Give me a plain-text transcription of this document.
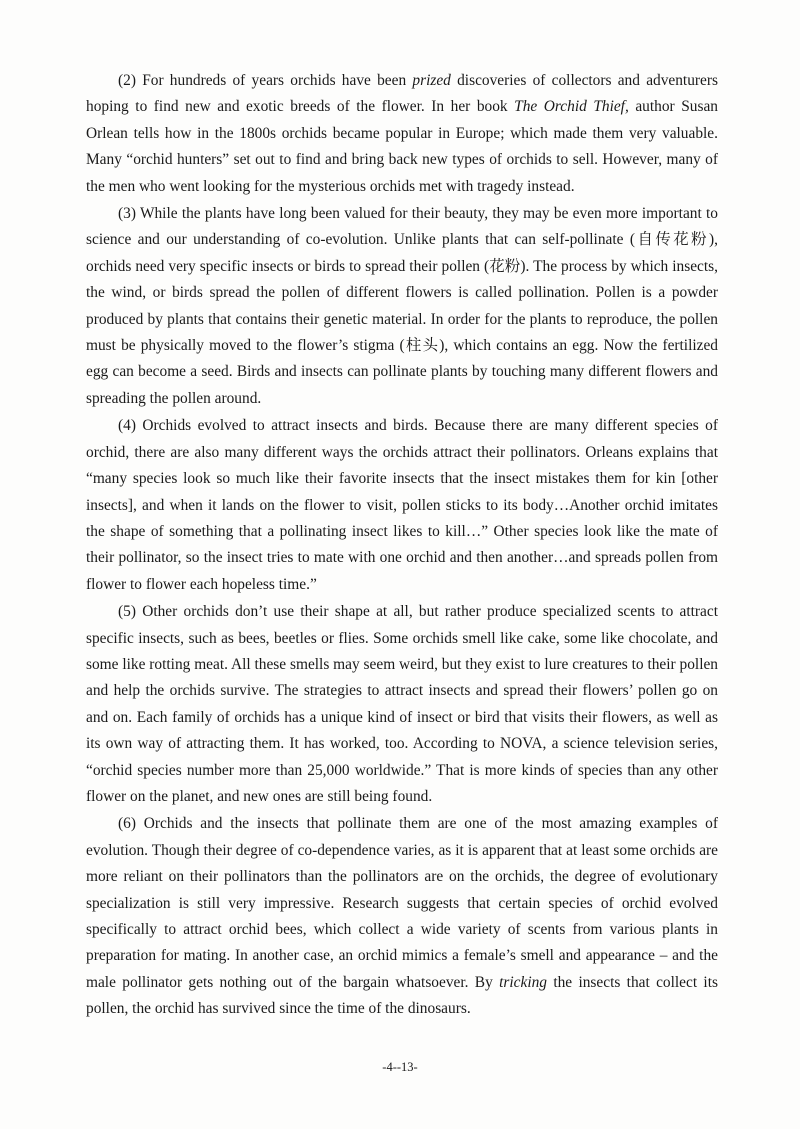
(2) For hundreds of years orchids have been prized discoveries of collectors and adventurers hoping to find new and exotic breeds of the flower. In her book The Orchid Thief, author Susan Orlean tells how in the 1800s orchids became popular in Europe; which made them very valuable. Many “orchid hunters” set out to find and bring back new types of orchids to sell. However, many of the men who went looking for the mysterious orchids met with tragedy instead.

(3) While the plants have long been valued for their beauty, they may be even more important to science and our understanding of co-evolution. Unlike plants that can self-pollinate (自传花粉), orchids need very specific insects or birds to spread their pollen (花粉). The process by which insects, the wind, or birds spread the pollen of different flowers is called pollination. Pollen is a powder produced by plants that contains their genetic material. In order for the plants to reproduce, the pollen must be physically moved to the flower’s stigma (柱头), which contains an egg. Now the fertilized egg can become a seed. Birds and insects can pollinate plants by touching many different flowers and spreading the pollen around.

(4) Orchids evolved to attract insects and birds. Because there are many different species of orchid, there are also many different ways the orchids attract their pollinators. Orleans explains that “many species look so much like their favorite insects that the insect mistakes them for kin [other insects], and when it lands on the flower to visit, pollen sticks to its body…Another orchid imitates the shape of something that a pollinating insect likes to kill…” Other species look like the mate of their pollinator, so the insect tries to mate with one orchid and then another…and spreads pollen from flower to flower each hopeless time.”

(5) Other orchids don’t use their shape at all, but rather produce specialized scents to attract specific insects, such as bees, beetles or flies. Some orchids smell like cake, some like chocolate, and some like rotting meat. All these smells may seem weird, but they exist to lure creatures to their pollen and help the orchids survive. The strategies to attract insects and spread their flowers’ pollen go on and on. Each family of orchids has a unique kind of insect or bird that visits their flowers, as well as its own way of attracting them. It has worked, too. According to NOVA, a science television series, “orchid species number more than 25,000 worldwide.” That is more kinds of species than any other flower on the planet, and new ones are still being found.

(6) Orchids and the insects that pollinate them are one of the most amazing examples of evolution. Though their degree of co-dependence varies, as it is apparent that at least some orchids are more reliant on their pollinators than the pollinators are on the orchids, the degree of evolutionary specialization is still very impressive. Research suggests that certain species of orchid evolved specifically to attract orchid bees, which collect a wide variety of scents from various plants in preparation for mating. In another case, an orchid mimics a female’s smell and appearance – and the male pollinator gets nothing out of the bargain whatsoever. By tricking the insects that collect its pollen, the orchid has survived since the time of the dinosaurs.

-4--13-
